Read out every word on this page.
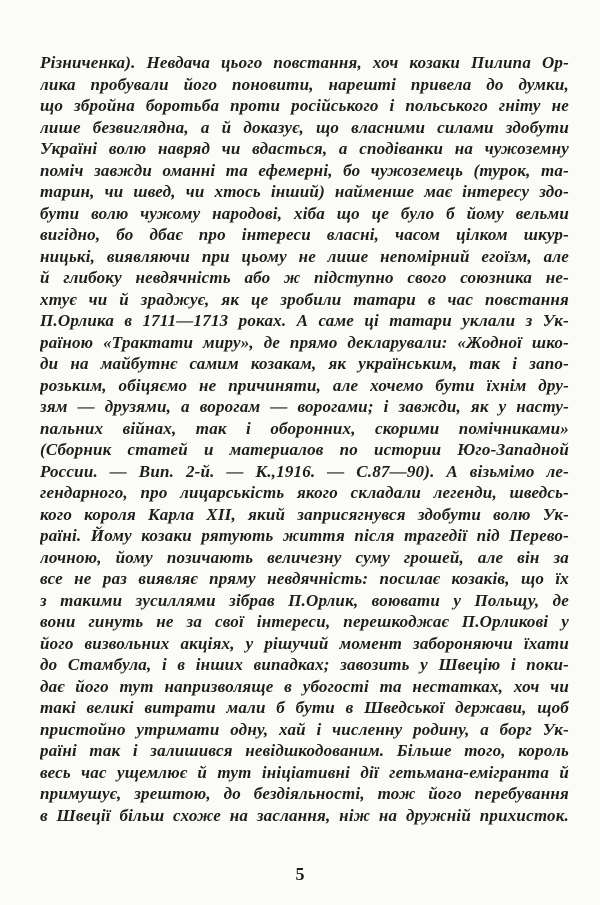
Різниченка). Невдача цього повстання, хоч козаки Пилипа Ор-
лика пробували його поновити, нарешті привела до думки,
що збройна боротьба проти російського і польського гніту не
лише безвиглядна, а й доказує, що власними силами здобути
Україні волю навряд чи вдасться, а сподіванки на чужоземну
поміч завжди оманні та ефемерні, бо чужоземець (турок, та-
тарин, чи швед, чи хтось інший) найменше має інтересу здо-
бути волю чужому народові, хіба що це було б йому вельми
вигідно, бо дбає про інтереси власні, часом цілком шкур-
ницькі, виявляючи при цьому не лише непомірний егоїзм, але
й глибоку невдячність або ж підступно свого союзника не-
хтує чи й зраджує, як це зробили татари в час повстання
П.Орлика в 1711—1713 роках. А саме ці татари уклали з Ук-
раїною «Трактати миру», де прямо декларували: «Жодної шко-
ди на майбутнє самим козакам, як українським, так і запо-
розьким, обіцяємо не причиняти, але хочемо бути їхнім дру-
зям — друзями, а ворогам — ворогами; і завжди, як у насту-
пальних війнах, так і оборонних, скорими помічниками»
(Сборник статей и материалов по истории Юго-Западной
России. — Вип. 2-й. — К.,1916. — С.87—90). А візьмімо ле-
гендарного, про лицарськість якого складали легенди, шведсь-
кого короля Карла XII, який заприсягнувся здобути волю Ук-
раїні. Йому козаки рятують життя після трагедії під Перево-
лочною, йому позичають величезну суму грошей, але він за
все не раз виявляє пряму невдячність: посилає козаків, що їх
з такими зусиллями зібрав П.Орлик, воювати у Польщу, де
вони гинуть не за свої інтереси, перешкоджає П.Орликові у
його визвольних акціях, у рішучий момент забороняючи їхати
до Стамбула, і в інших випадках; завозить у Швецію і поки-
дає його тут напризволяще в убогості та нестатках, хоч чи
такі великі витрати мали б бути в Шведської держави, щоб
пристойно утримати одну, хай і численну родину, а борг Ук-
раїні так і залишився невідшкодованим. Більше того, король
весь час ущемлює й тут ініціативні дії гетьмана-емігранта й
примушує, зрештою, до бездіяльності, тож його перебування
в Швеції більш схоже на заслання, ніж на дружній прихисток.
5
